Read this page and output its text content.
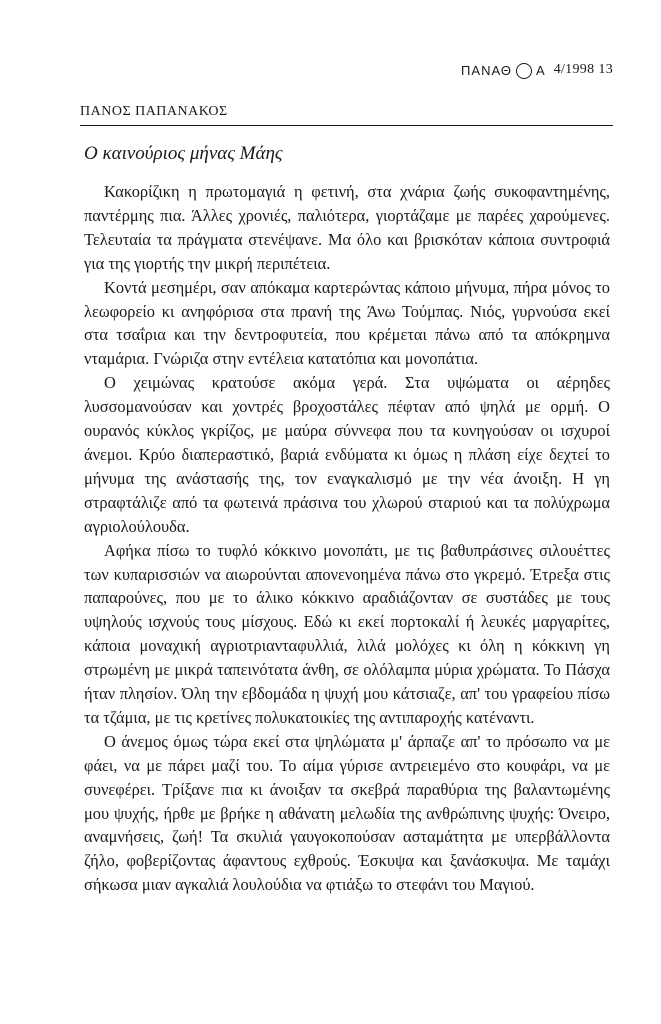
ΠΑΝΑΘ Α 4/1998 13
ΠΑΝΟΣ ΠΑΠΑΝΑΚΟΣ
Ο καινούριος μήνας Μάης

Κακορίζικη η πρωτομαγιά η φετινή, στα χνάρια ζωής συκοφαντημένης, παντέρμης πια. Άλλες χρονιές, παλιότερα, γιορτάζαμε με παρέες χαρούμενες. Τελευταία τα πράγματα στενέψανε. Μα όλο και βρισκόταν κάποια συντροφιά για της γιορτής την μικρή περιπέτεια.

Κοντά μεσημέρι, σαν απόκαμα καρτερώντας κάποιο μήνυμα, πήρα μόνος το λεωφορείο κι ανηφόρισα στα πρανή της Άνω Τούμπας. Νιός, γυρνούσα εκεί στα τσαΐρια και την δεντροφυτεία, που κρέμεται πάνω από τα απόκρημνα νταμάρια. Γνώριζα στην εντέλεια κατατόπια και μονοπάτια.

Ο χειμώνας κρατούσε ακόμα γερά. Στα υψώματα οι αέρηδες λυσσομανούσαν και χοντρές βροχοστάλες πέφταν από ψηλά με ορμή. Ο ουρανός κύκλος γκρίζος, με μαύρα σύννεφα που τα κυνηγούσαν οι ισχυροί άνεμοι. Κρύο διαπεραστικό, βαριά ενδύματα κι όμως η πλάση είχε δεχτεί το μήνυμα της ανάστασής της, τον εναγκαλισμό με την νέα άνοιξη. Η γη στραφτάλιζε από τα φωτεινά πράσινα του χλωρού σταριού και τα πολύχρωμα αγριολούλουδα.

Αφήκα πίσω το τυφλό κόκκινο μονοπάτι, με τις βαθυπράσινες σιλουέττες των κυπαρισσιών να αιωρούνται απονενοημένα πάνω στο γκρεμό. Έτρεξα στις παπαρούνες, που με το άλικο κόκκινο αραδιάζονταν σε συστάδες με τους υψηλούς ισχνούς τους μίσχους. Εδώ κι εκεί πορτοκαλί ή λευκές μαργαρίτες, κάποια μοναχική αγριοτριανταφυλλιά, λιλά μολόχες κι όλη η κόκκινη γη στρωμένη με μικρά ταπεινότατα άνθη, σε ολόλαμπα μύρια χρώματα. Το Πάσχα ήταν πλησίον. Όλη την εβδομάδα η ψυχή μου κάτσιαζε, απ' του γραφείου πίσω τα τζάμια, με τις κρετίνες πολυκατοικίες της αντιπαροχής κατέναντι.

Ο άνεμος όμως τώρα εκεί στα ψηλώματα μ' άρπαζε απ' το πρόσωπο να με φάει, να με πάρει μαζί του. Το αίμα γύρισε αντρειεμένο στο κουφάρι, να με συνεφέρει. Τρίξανε πια κι άνοιξαν τα σκεβρά παραθύρια της βαλαντωμένης μου ψυχής, ήρθε με βρήκε η αθάνατη μελωδία της ανθρώπινης ψυχής: Όνειρο, αναμνήσεις, ζωή! Τα σκυλιά γαυγοκοπούσαν ασταμάτητα με υπερβάλλοντα ζήλο, φοβερίζοντας άφαντους εχθρούς. Έσκυψα και ξανάσκυψα. Με ταμάχι σήκωσα μιαν αγκαλιά λουλούδια να φτιάξω το στεφάνι του Μαγιού.
